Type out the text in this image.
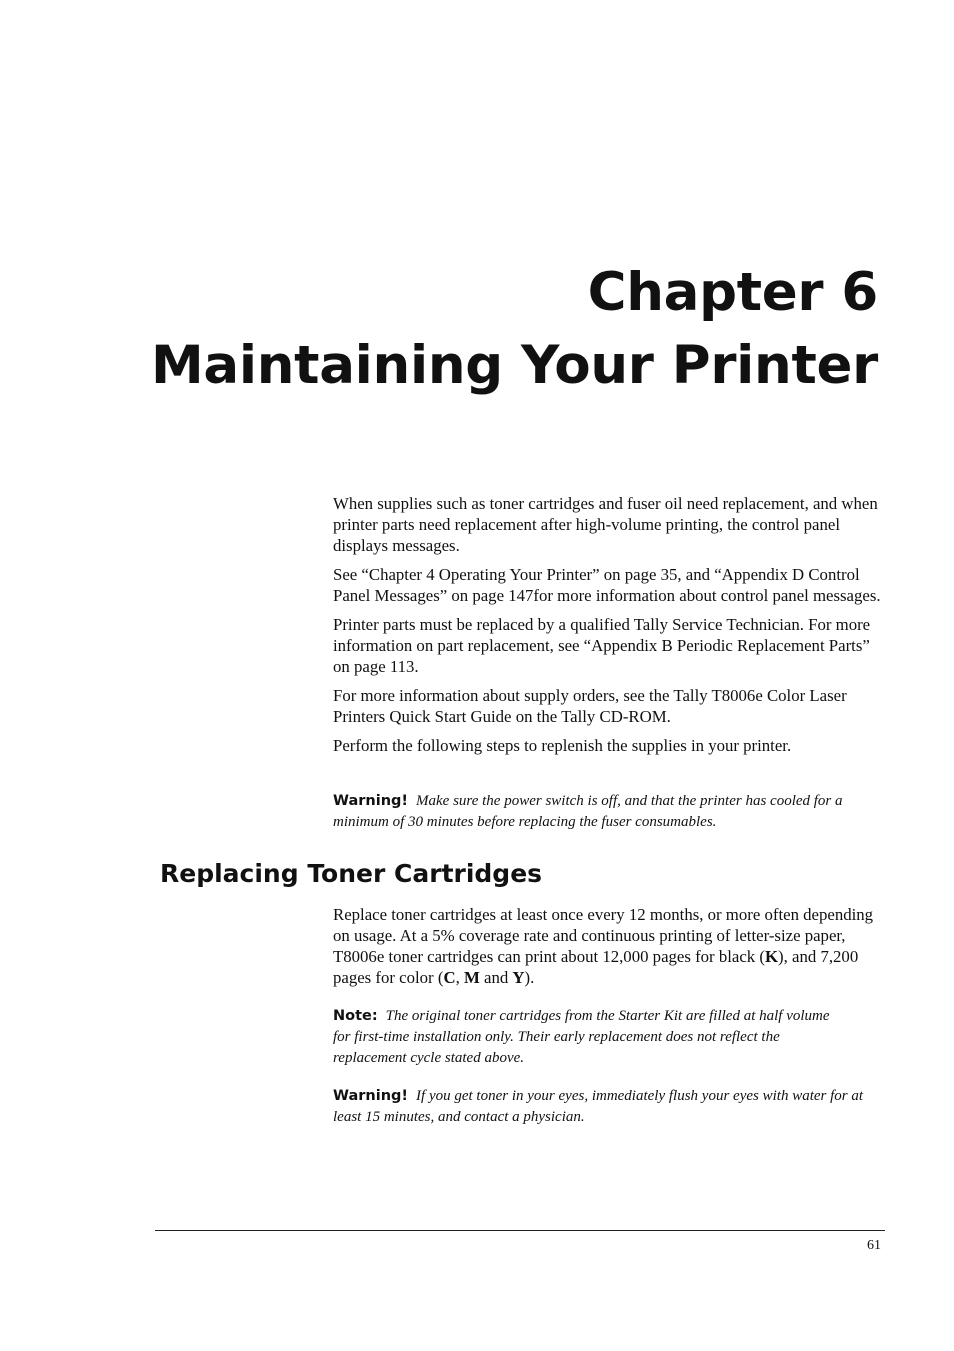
Chapter 6
Maintaining Your Printer

When supplies such as toner cartridges and fuser oil need replacement, and when printer parts need replacement after high-volume printing, the control panel displays messages.

See “Chapter 4 Operating Your Printer” on page 35, and “Appendix D Control Panel Messages” on page 147for more information about control panel messages.

Printer parts must be replaced by a qualified Tally Service Technician. For more information on part replacement, see “Appendix B Periodic Replacement Parts” on page 113.

For more information about supply orders, see the Tally T8006e Color Laser Printers Quick Start Guide on the Tally CD-ROM.

Perform the following steps to replenish the supplies in your printer.

Warning! Make sure the power switch is off, and that the printer has cooled for a minimum of 30 minutes before replacing the fuser consumables.
Replacing Toner Cartridges

Replace toner cartridges at least once every 12 months, or more often depending on usage. At a 5% coverage rate and continuous printing of letter-size paper, T8006e toner cartridges can print about 12,000 pages for black (K), and 7,200 pages for color (C, M and Y).

Note: The original toner cartridges from the Starter Kit are filled at half volume for first-time installation only. Their early replacement does not reflect the replacement cycle stated above.
Warning! If you get toner in your eyes, immediately flush your eyes with water for at least 15 minutes, and contact a physician.
61
